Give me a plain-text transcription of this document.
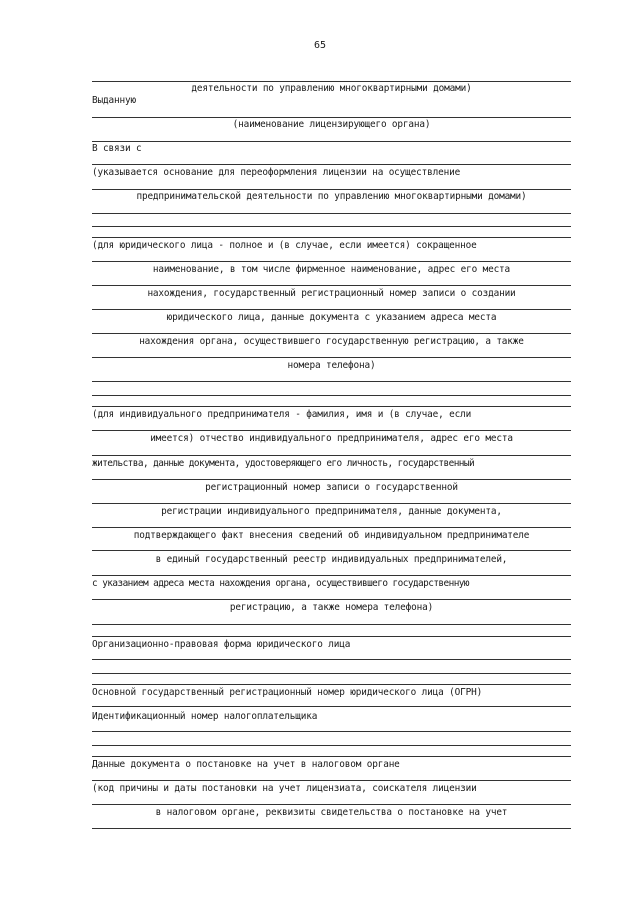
65
деятельности по управлению многоквартирными домами)
Выданную
(наименование лицензирующего органа)
В связи с
(указывается основание для переоформления лицензии на осуществление
предпринимательской деятельности по управлению многоквартирными домами)
(для юридического лица - полное и (в случае, если имеется) сокращенное
наименование, в том числе фирменное наименование, адрес его места
нахождения, государственный регистрационный номер записи о создании
юридического лица, данные документа с указанием адреса места
нахождения органа, осуществившего государственную регистрацию, а также
номера телефона)
(для индивидуального предпринимателя - фамилия, имя и (в случае, если
имеется) отчество индивидуального предпринимателя, адрес его места
жительства, данные документа, удостоверяющего его личность, государственный
регистрационный номер записи о государственной
регистрации индивидуального предпринимателя, данные документа,
подтверждающего факт внесения сведений об индивидуальном предпринимателе
в единый государственный реестр индивидуальных предпринимателей,
с указанием адреса места нахождения органа, осуществившего государственную
регистрацию, а также номера телефона)
Организационно-правовая форма юридического лица
Основной государственный регистрационный номер юридического лица (ОГРН)
Идентификационный номер налогоплательщика
Данные документа о постановке на учет в налоговом органе
(код причины и даты постановки на учет лицензиата, соискателя лицензии
в налоговом органе, реквизиты свидетельства о постановке на учет
